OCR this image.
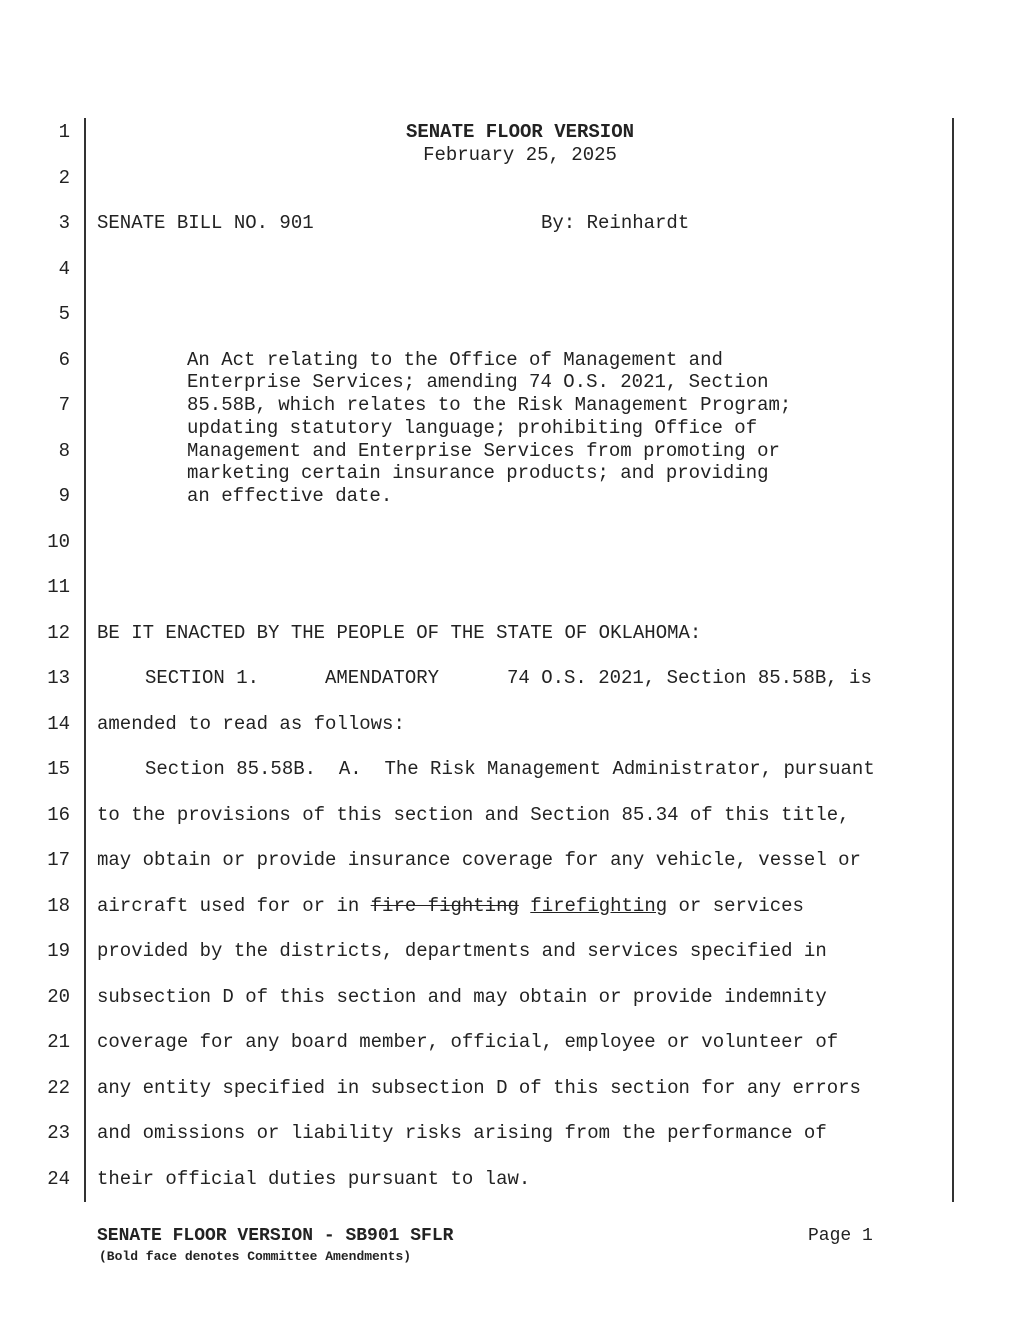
1
2
3
4
5
6
7
8
9
10
11
12
13
14
15
16
17
18
19
20
21
22
23
24
SENATE FLOOR VERSION
February 25, 2025
SENATE BILL NO. 901	By: Reinhardt
An Act relating to the Office of Management and
Enterprise Services; amending 74 O.S. 2021, Section
85.58B, which relates to the Risk Management Program;
updating statutory language; prohibiting Office of
Management and Enterprise Services from promoting or
marketing certain insurance products; and providing
an effective date.
BE IT ENACTED BY THE PEOPLE OF THE STATE OF OKLAHOMA:
SECTION 1.	AMENDATORY	74 O.S. 2021, Section 85.58B, is
amended to read as follows:
Section 85.58B.  A.  The Risk Management Administrator, pursuant
to the provisions of this section and Section 85.34 of this title,
may obtain or provide insurance coverage for any vehicle, vessel or
aircraft used for or in fire fighting firefighting or services
provided by the districts, departments and services specified in
subsection D of this section and may obtain or provide indemnity
coverage for any board member, official, employee or volunteer of
any entity specified in subsection D of this section for any errors
and omissions or liability risks arising from the performance of
their official duties pursuant to law.
SENATE FLOOR VERSION - SB901 SFLR
(Bold face denotes Committee Amendments)
Page 1
